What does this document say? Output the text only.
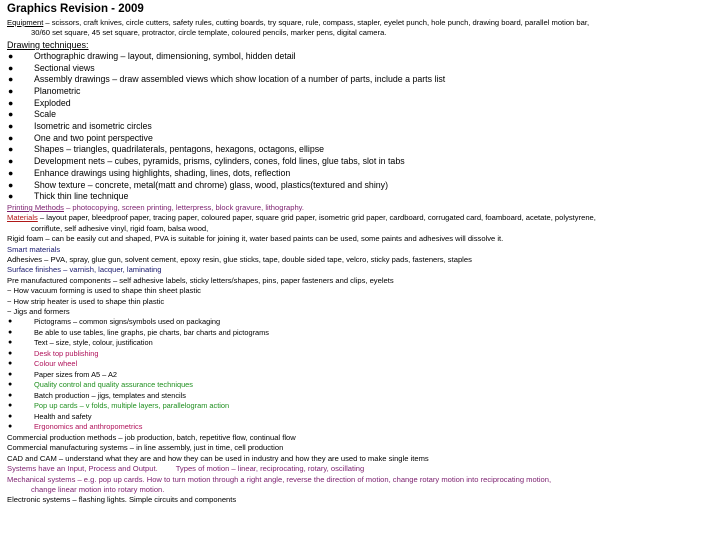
Graphics Revision - 2009
Equipment – scissors, craft knives, circle cutters, safety rules, cutting boards, try square, rule, compass, stapler, eyelet punch, hole punch, drawing board, parallel motion bar,
30/60 set square, 45 set square, protractor, circle template, coloured pencils, marker pens, digital camera.
Drawing techniques:
● Orthographic drawing – layout, dimensioning, symbol, hidden detail
● Sectional views
● Assembly drawings – draw assembled views which show location of a number of parts, include a parts list
● Planometric
● Exploded
● Scale
● Isometric and isometric circles
● One and two point perspective
● Shapes – triangles, quadrilaterals, pentagons, hexagons, octagons, ellipse
● Development nets – cubes, pyramids, prisms, cylinders, cones, fold lines, glue tabs, slot in tabs
● Enhance drawings using highlights, shading, lines, dots, reflection
● Show texture – concrete, metal(matt and chrome) glass, wood, plastics(textured and shiny)
● Thick thin line technique
Printing Methods – photocopying, screen printing, letterpress, block gravure, lithography.
Materials – layout paper, bleedproof paper, tracing paper, coloured paper, square grid paper, isometric grid paper, cardboard, corrugated card, foamboard, acetate, polystyrene,
corriflute, self adhesive vinyl, rigid foam, balsa wood,
Rigid foam – can be easily cut and shaped, PVA is suitable for joining it, water based paints can be used, some paints and adhesives will dissolve it.
Smart materials
Adhesives – PVA, spray, glue gun, solvent cement, epoxy resin, glue sticks, tape, double sided tape, velcro, sticky pads, fasteners, staples
Surface finishes – varnish, lacquer, laminating
Pre manufactured components – self adhesive labels, sticky letters/shapes, pins, paper fasteners and clips, eyelets
~ How vacuum forming is used to shape thin sheet plastic
~ How strip heater is used to shape thin plastic
~ Jigs and formers
●	Pictograms – common signs/symbols used on packaging
●	Be able to use tables, line graphs, pie charts, bar charts and pictograms
●	Text – size, style, colour, justification
●	Desk top publishing
●	Colour wheel
●	Paper sizes from A5 – A2
●	Quality control and quality assurance techniques
●	Batch production – jigs, templates and stencils
●	Pop up cards – v folds, multiple layers, parallelogram action
●	Health and safety
●	Ergonomics and anthropometrics
Commercial production methods – job production, batch, repetitive flow, continual flow
Commercial manufacturing systems – in line assembly, just in time, cell production
CAD and CAM – understand what they are and how they can be used in industry and how they are used to make single items
Systems have an Input, Process and Output. Types of motion – linear, reciprocating, rotary, oscillating
Mechanical systems – e.g. pop up cards. How to turn motion through a right angle, reverse the direction of motion, change rotary motion into reciprocating motion,
change linear motion into rotary motion.
Electronic systems – flashing lights. Simple circuits and components
